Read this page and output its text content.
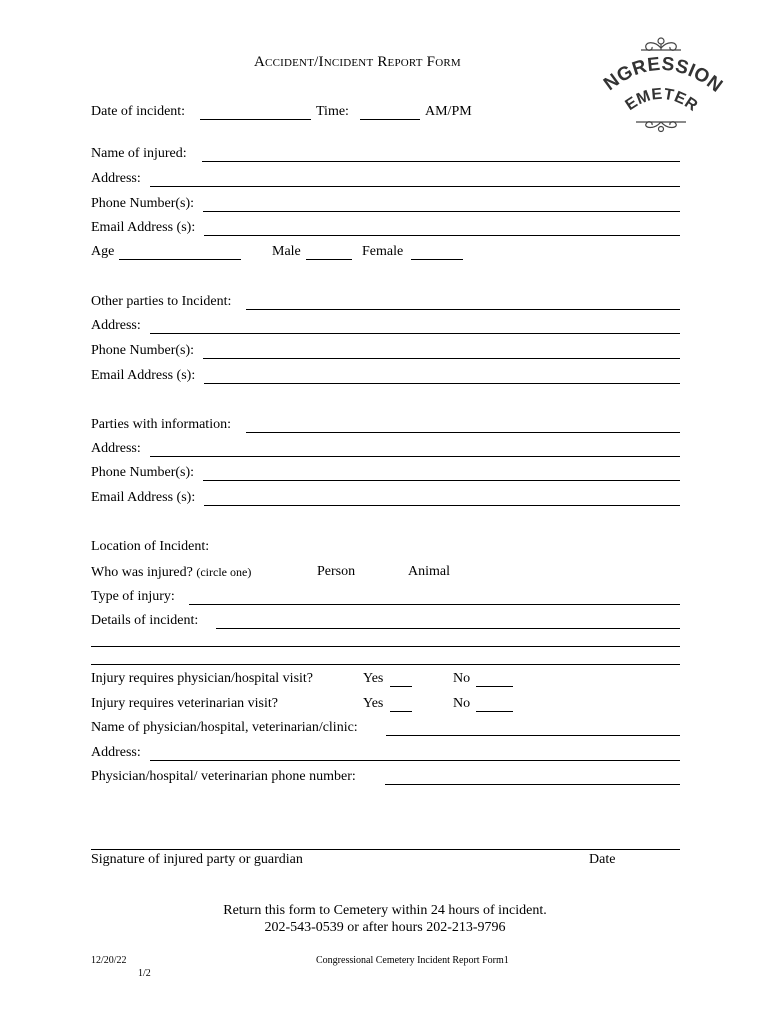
ACCIDENT/INCIDENT REPORT FORM
NGRESSION
EMETER
Date of incident:	Time:	AM/PM
Name of injured:
Address:
Phone Number(s):
Email Address (s):
Age	Male	Female
Other parties to Incident:
Address:
Phone Number(s):
Email Address (s):
Parties with information:
Address:
Phone Number(s):
Email Address (s):
Location of Incident:
Who was injured? (circle one)	Person	Animal
Type of injury:
Details of incident:
Injury requires physician/hospital visit?	Yes	No
Injury requires veterinarian visit?	Yes	No
Name of physician/hospital, veterinarian/clinic:
Address:
Physician/hospital/ veterinarian phone number:
Signature of injured party or guardian	Date
Return this form to Cemetery within 24 hours of incident.
202-543-0539 or after hours 202-213-9796
12/20/22
1/2
Congressional Cemetery Incident Report Form1
